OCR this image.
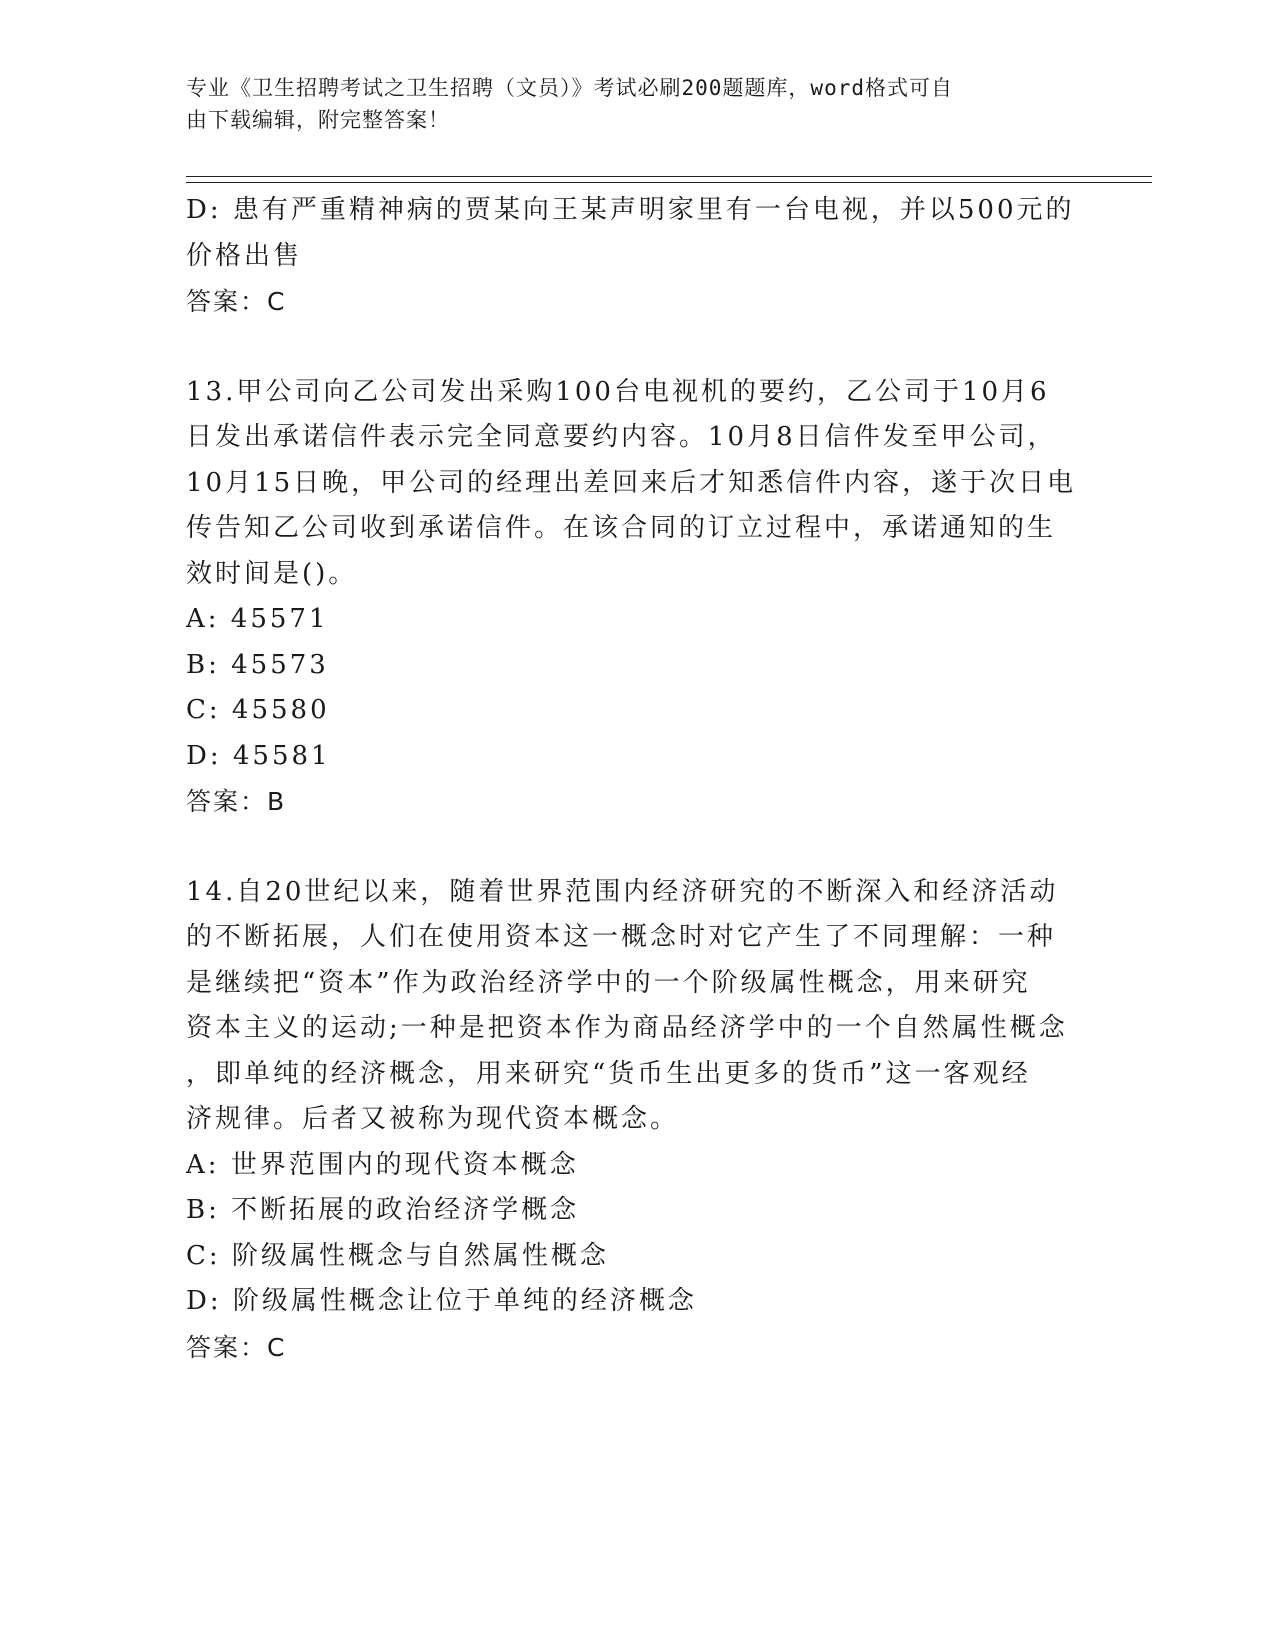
专业《卫生招聘考试之卫生招聘（文员）》考试必刷200题题库，word格式可自
由下载编辑，附完整答案！

D: 患有严重精神病的贾某向王某声明家里有一台电视，并以500元的

价格出售

答案：C

13.甲公司向乙公司发出采购100台电视机的要约，乙公司于10月6

日发出承诺信件表示完全同意要约内容。10月8日信件发至甲公司，

10月15日晚，甲公司的经理出差回来后才知悉信件内容，遂于次日电

传告知乙公司收到承诺信件。在该合同的订立过程中，承诺通知的生

效时间是()。

A: 45571

B: 45573

C: 45580

D: 45581

答案：B

14.自20世纪以来，随着世界范围内经济研究的不断深入和经济活动

的不断拓展，人们在使用资本这一概念时对它产生了不同理解：一种

是继续把“资本”作为政治经济学中的一个阶级属性概念，用来研究

资本主义的运动;一种是把资本作为商品经济学中的一个自然属性概念

，即单纯的经济概念，用来研究“货币生出更多的货币”这一客观经

济规律。后者又被称为现代资本概念。

A: 世界范围内的现代资本概念

B: 不断拓展的政治经济学概念

C: 阶级属性概念与自然属性概念

D: 阶级属性概念让位于单纯的经济概念

答案：C
